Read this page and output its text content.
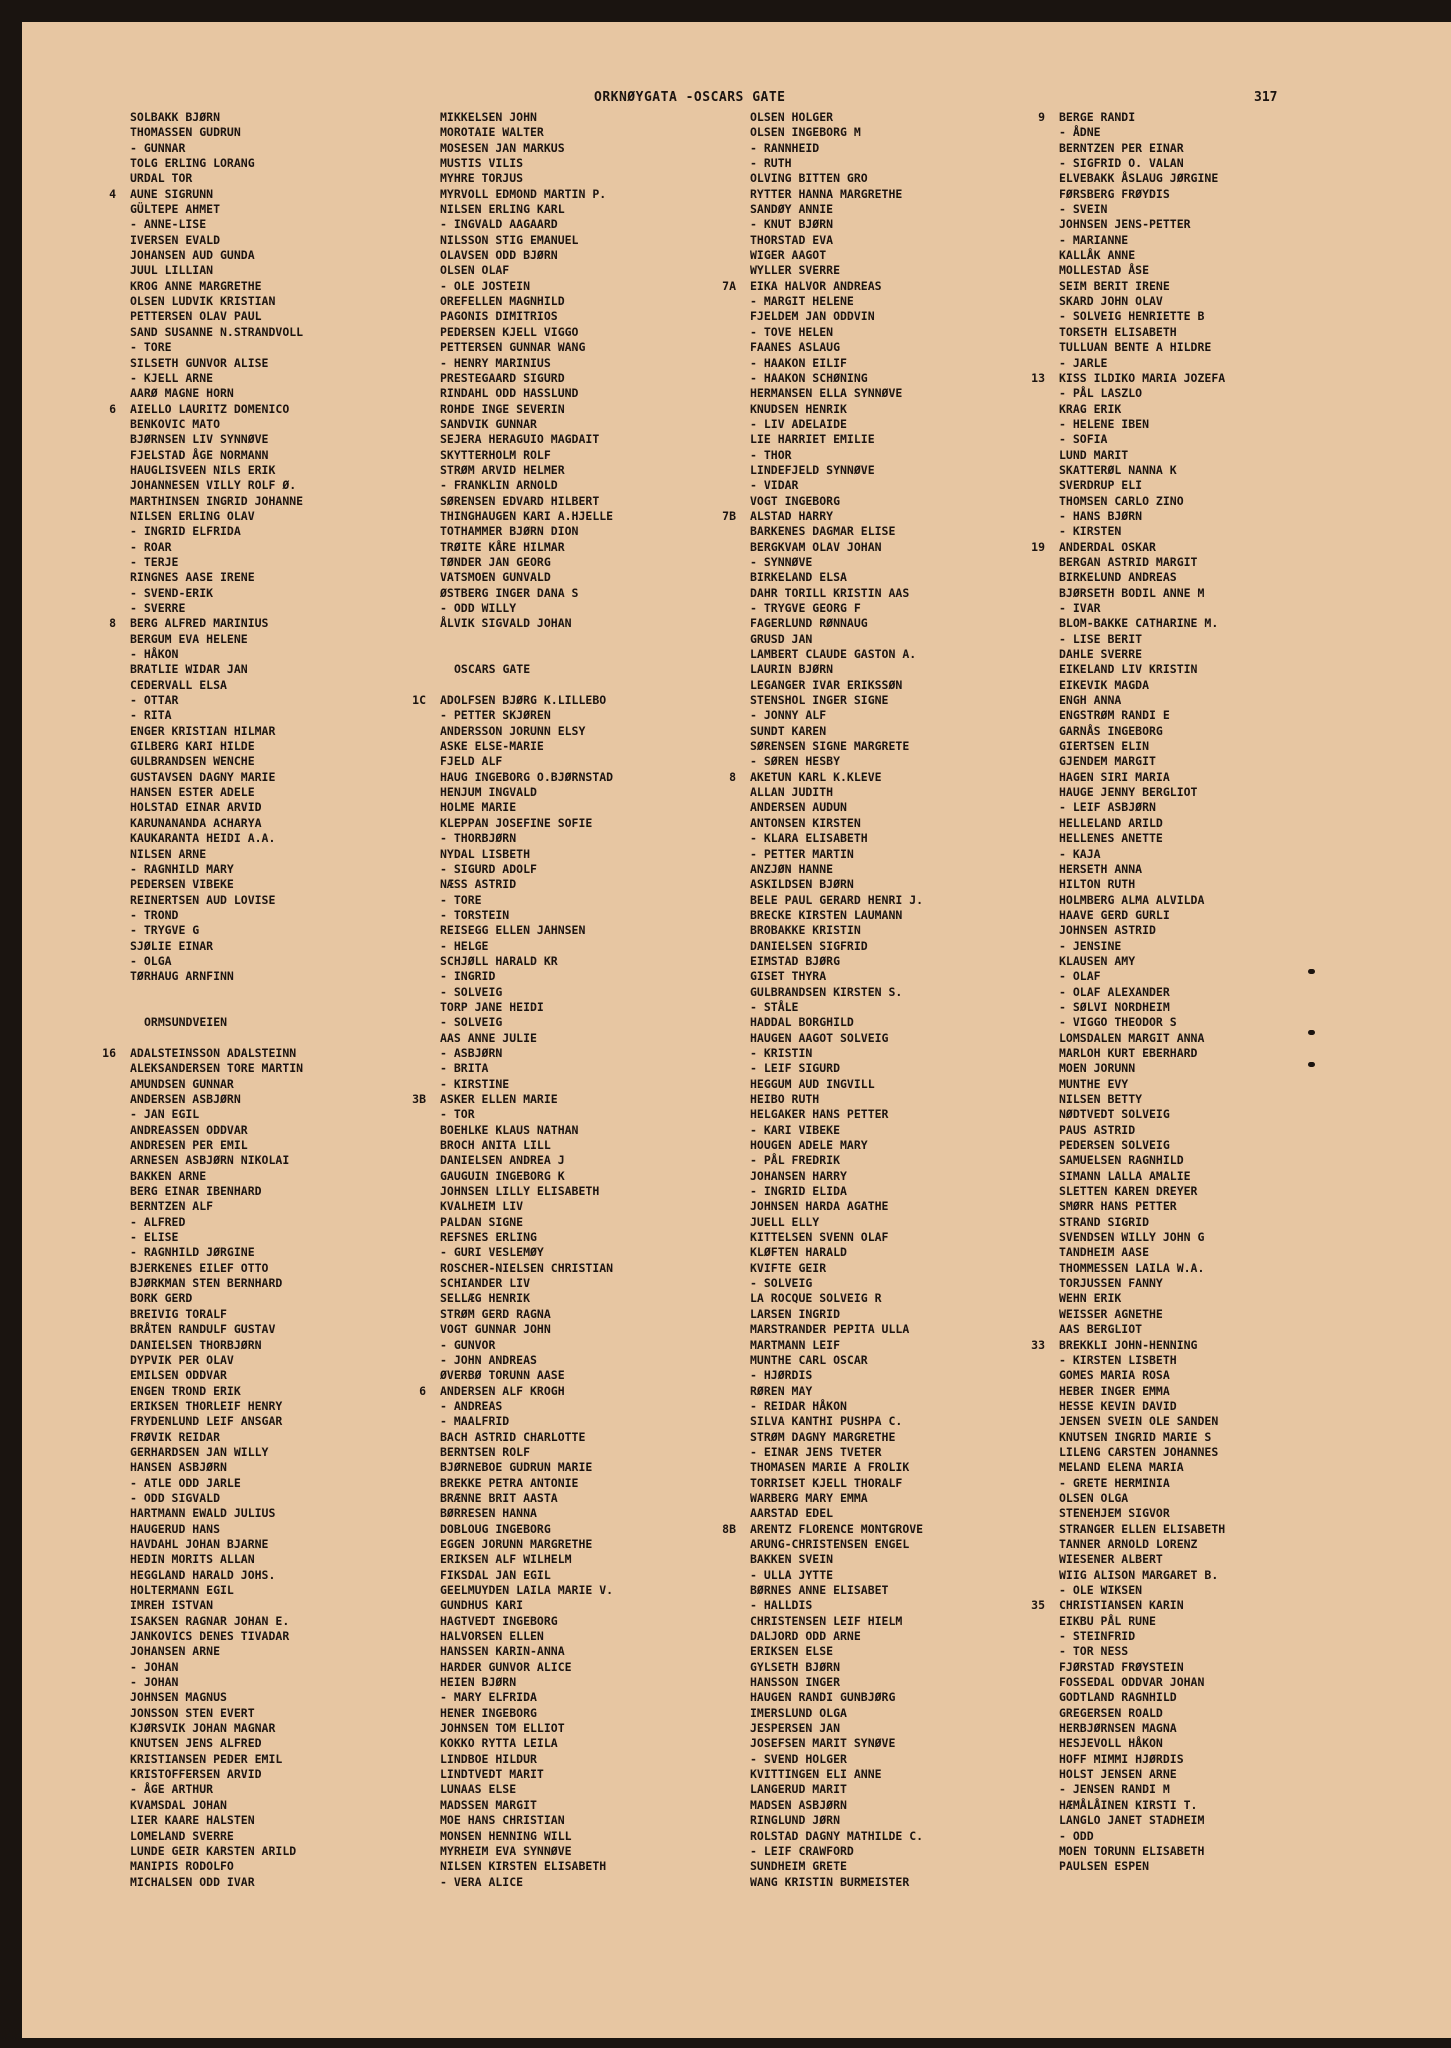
ORKNØYGATA -OSCARS GATE	317
SOLBAKK BJØRN
THOMASSEN GUDRUN
- GUNNAR
TOLG ERLING LORANG
URDAL TOR
4 AUNE SIGRUNN
GÜLTEPE AHMET
- ANNE-LISE
IVERSEN EVALD
JOHANSEN AUD GUNDA
JUUL LILLIAN
KROG ANNE MARGRETHE
OLSEN LUDVIK KRISTIAN
PETTERSEN OLAV PAUL
SAND SUSANNE N.STRANDVOLL
- TORE
SILSETH GUNVOR ALISE
- KJELL ARNE
AARØ MAGNE HORN
6 AIELLO LAURITZ DOMENICO
BENKOVIC MATO
BJØRNSEN LIV SYNNØVE
FJELSTAD ÅGE NORMANN
HAUGLISVEEN NILS ERIK
JOHANNESEN VILLY ROLF Ø.
MARTHINSEN INGRID JOHANNE
NILSEN ERLING OLAV
- INGRID ELFRIDA
- ROAR
- TERJE
RINGNES AASE IRENE
- SVEND-ERIK
- SVERRE
8 BERG ALFRED MARINIUS
BERGUM EVA HELENE
- HÅKON
BRATLIE WIDAR JAN
CEDERVALL ELSA
- OTTAR
- RITA
ENGER KRISTIAN HILMAR
GILBERG KARI HILDE
GULBRANDSEN WENCHE
GUSTAVSEN DAGNY MARIE
HANSEN ESTER ADELE
HOLSTAD EINAR ARVID
KARUNANANDA ACHARYA
KAUKARANTA HEIDI A.A.
NILSEN ARNE
- RAGNHILD MARY
PEDERSEN VIBEKE
REINERTSEN AUD LOVISE
- TROND
- TRYGVE G
SJØLIE EINAR
- OLGA
TØRHAUG ARNFINN
ORMSUNDVEIEN
16 ADALSTEINSSON ADALSTEINN
ALEKSANDERSEN TORE MARTIN
AMUNDSEN GUNNAR
ANDERSEN ASBJØRN
- JAN EGIL
ANDREASSEN ODDVAR
ANDRESEN PER EMIL
ARNESEN ASBJØRN NIKOLAI
BAKKEN ARNE
BERG EINAR IBENHARD
BERNTZEN ALF
- ALFRED
- ELISE
- RAGNHILD JØRGINE
BJERKENES EILEF OTTO
BJØRKMAN STEN BERNHARD
BORK GERD
BREIVIG TORALF
BRÅTEN RANDULF GUSTAV
DANIELSEN THORBJØRN
DYPVIK PER OLAV
EMILSEN ODDVAR
ENGEN TROND ERIK
ERIKSEN THORLEIF HENRY
FRYDENLUND LEIF ANSGAR
FRØVIK REIDAR
GERHARDSEN JAN WILLY
HANSEN ASBJØRN
- ATLE ODD JARLE
- ODD SIGVALD
HARTMANN EWALD JULIUS
HAUGERUD HANS
HAVDAHL JOHAN BJARNE
HEDIN MORITS ALLAN
HEGGLAND HARALD JOHS.
HOLTERMANN EGIL
IMREH ISTVAN
ISAKSEN RAGNAR JOHAN E.
JANKOVICS DENES TIVADAR
JOHANSEN ARNE
- JOHAN
- JOHAN
JOHNSEN MAGNUS
JONSSON STEN EVERT
KJØRSVIK JOHAN MAGNAR
KNUTSEN JENS ALFRED
KRISTIANSEN PEDER EMIL
KRISTOFFERSEN ARVID
- ÅGE ARTHUR
KVAMSDAL JOHAN
LIER KAARE HALSTEN
LOMELAND SVERRE
LUNDE GEIR KARSTEN ARILD
MANIPIS RODOLFO
MICHALSEN ODD IVAR
MIKKELSEN JOHN
MOROTAIE WALTER
MOSESEN JAN MARKUS
MUSTIS VILIS
MYHRE TORJUS
MYRVOLL EDMOND MARTIN P.
NILSEN ERLING KARL
- INGVALD AAGAARD
NILSSON STIG EMANUEL
OLAVSEN ODD BJØRN
OLSEN OLAF
- OLE JOSTEIN
OREFELLEN MAGNHILD
PAGONIS DIMITRIOS
PEDERSEN KJELL VIGGO
PETTERSEN GUNNAR WANG
- HENRY MARINIUS
PRESTEGAARD SIGURD
RINDAHL ODD HASSLUND
ROHDE INGE SEVERIN
SANDVIK GUNNAR
SEJERA HERAGUIO MAGDAIT
SKYTTERHOLM ROLF
STRØM ARVID HELMER
- FRANKLIN ARNOLD
SØRENSEN EDVARD HILBERT
THINGHAUGEN KARI A.HJELLE
TOTHAMMER BJØRN DION
TRØITE KÅRE HILMAR
TØNDER JAN GEORG
VATSMOEN GUNVALD
ØSTBERG INGER DANA S
- ODD WILLY
ÅLVIK SIGVALD JOHAN
OSCARS GATE
1C ADOLFSEN BJØRG K.LILLEBO
- PETTER SKJØREN
ANDERSSON JORUNN ELSY
ASKE ELSE-MARIE
FJELD ALF
HAUG INGEBORG O.BJØRNSTAD
HENJUM INGVALD
HOLME MARIE
KLEPPAN JOSEFINE SOFIE
- THORBJØRN
NYDAL LISBETH
- SIGURD ADOLF
NÆSS ASTRID
- TORE
- TORSTEIN
REISEGG ELLEN JAHNSEN
- HELGE
SCHJØLL HARALD KR
- INGRID
- SOLVEIG
TORP JANE HEIDI
- SOLVEIG
AAS ANNE JULIE
- ASBJØRN
- BRITA
- KIRSTINE
3B ASKER ELLEN MARIE
- TOR
BOEHLKE KLAUS NATHAN
BROCH ANITA LILL
DANIELSEN ANDREA J
GAUGUIN INGEBORG K
JOHNSEN LILLY ELISABETH
KVALHEIM LIV
PALDAN SIGNE
REFSNES ERLING
- GURI VESLEMØY
ROSCHER-NIELSEN CHRISTIAN
SCHIANDER LIV
SELLÆG HENRIK
STRØM GERD RAGNA
VOGT GUNNAR JOHN
- GUNVOR
- JOHN ANDREAS
ØVERBØ TORUNN AASE
6 ANDERSEN ALF KROGH
- ANDREAS
- MAALFRID
BACH ASTRID CHARLOTTE
BERNTSEN ROLF
BJØRNEBOE GUDRUN MARIE
BREKKE PETRA ANTONIE
BRÆNNE BRIT AASTA
BØRRESEN HANNA
DOBLOUG INGEBORG
EGGEN JORUNN MARGRETHE
ERIKSEN ALF WILHELM
FIKSDAL JAN EGIL
GEELMUYDEN LAILA MARIE V.
GUNDHUS KARI
HAGTVEDT INGEBORG
HALVORSEN ELLEN
HANSSEN KARIN-ANNA
HARDER GUNVOR ALICE
HEIEN BJØRN
- MARY ELFRIDA
HENER INGEBORG
JOHNSEN TOM ELLIOT
KOKKO RYTTA LEILA
LINDBOE HILDUR
LINDTVEDT MARIT
LUNAAS ELSE
MADSSEN MARGIT
MOE HANS CHRISTIAN
MONSEN HENNING WILL
MYRHEIM EVA SYNNØVE
NILSEN KIRSTEN ELISABETH
- VERA ALICE
OLSEN HOLGER
OLSEN INGEBORG M
- RANNHEID
- RUTH
OLVING BITTEN GRO
RYTTER HANNA MARGRETHE
SANDØY ANNIE
- KNUT BJØRN
THORSTAD EVA
WIGER AAGOT
WYLLER SVERRE
7A EIKA HALVOR ANDREAS
- MARGIT HELENE
FJELDEM JAN ODDVIN
- TOVE HELEN
FAANES ASLAUG
- HAAKON EILIF
- HAAKON SCHØNING
HERMANSEN ELLA SYNNØVE
KNUDSEN HENRIK
- LIV ADELAIDE
LIE HARRIET EMILIE
- THOR
LINDEFJELD SYNNØVE
- VIDAR
VOGT INGEBORG
7B ALSTAD HARRY
BARKENES DAGMAR ELISE
BERGKVAM OLAV JOHAN
- SYNNØVE
BIRKELAND ELSA
DAHR TORILL KRISTIN AAS
- TRYGVE GEORG F
FAGERLUND RØNNAUG
GRUSD JAN
LAMBERT CLAUDE GASTON A.
LAURIN BJØRN
LEGANGER IVAR ERIKSSØN
STENSHOL INGER SIGNE
- JONNY ALF
SUNDT KAREN
SØRENSEN SIGNE MARGRETE
- SØREN HESBY
8 AKETUN KARL K.KLEVE
ALLAN JUDITH
ANDERSEN AUDUN
ANTONSEN KIRSTEN
- KLARA ELISABETH
- PETTER MARTIN
ANZJØN HANNE
ASKILDSEN BJØRN
BELE PAUL GERARD HENRI J.
BRECKE KIRSTEN LAUMANN
BROBAKKE KRISTIN
DANIELSEN SIGFRID
EIMSTAD BJØRG
GISET THYRA
GULBRANDSEN KIRSTEN S.
- STÅLE
HADDAL BORGHILD
HAUGEN AAGOT SOLVEIG
- KRISTIN
- LEIF SIGURD
HEGGUM AUD INGVILL
HEIBO RUTH
HELGAKER HANS PETTER
- KARI VIBEKE
HOUGEN ADELE MARY
- PÅL FREDRIK
JOHANSEN HARRY
- INGRID ELIDA
JOHNSEN HARDA AGATHE
JUELL ELLY
KITTELSEN SVENN OLAF
KLØFTEN HARALD
KVIFTE GEIR
- SOLVEIG
LA ROCQUE SOLVEIG R
LARSEN INGRID
MARSTRANDER PEPITA ULLA
MARTMANN LEIF
MUNTHE CARL OSCAR
- HJØRDIS
RØREN MAY
- REIDAR HÅKON
SILVA KANTHI PUSHPA C.
STRØM DAGNY MARGRETHE
- EINAR JENS TVETER
THOMASEN MARIE A FROLIK
TORRISET KJELL THORALF
WARBERG MARY EMMA
AARSTAD EDEL
8B ARENTZ FLORENCE MONTGROVE
ARUNG-CHRISTENSEN ENGEL
BAKKEN SVEIN
- ULLA JYTTE
BØRNES ANNE ELISABET
- HALLDIS
CHRISTENSEN LEIF HIELM
DALJORD ODD ARNE
ERIKSEN ELSE
GYLSETH BJØRN
HANSSON INGER
HAUGEN RANDI GUNBJØRG
IMERSLUND OLGA
JESPERSEN JAN
JOSEFSEN MARIT SYNØVE
- SVEND HOLGER
KVITTINGEN ELI ANNE
LANGERUD MARIT
MADSEN ASBJØRN
RINGLUND JØRN
ROLSTAD DAGNY MATHILDE C.
- LEIF CRAWFORD
SUNDHEIM GRETE
WANG KRISTIN BURMEISTER
9 BERGE RANDI
- ÅDNE
BERNTZEN PER EINAR
- SIGFRID O. VALAN
ELVEBAKK ÅSLAUG JØRGINE
FØRSBERG FRØYDIS
- SVEIN
JOHNSEN JENS-PETTER
- MARIANNE
KALLÅK ANNE
MOLLESTAD ÅSE
SEIM BERIT IRENE
SKARD JOHN OLAV
- SOLVEIG HENRIETTE B
TORSETH ELISABETH
TULLUAN BENTE A HILDRE
- JARLE
13 KISS ILDIKO MARIA JOZEFA
- PÅL LASZLO
KRAG ERIK
- HELENE IBEN
- SOFIA
LUND MARIT
SKATTERØL NANNA K
SVERDRUP ELI
THOMSEN CARLO ZINO
- HANS BJØRN
- KIRSTEN
19 ANDERDAL OSKAR
BERGAN ASTRID MARGIT
BIRKELUND ANDREAS
BJØRSETH BODIL ANNE M
- IVAR
BLOM-BAKKE CATHARINE M.
- LISE BERIT
DAHLE SVERRE
EIKELAND LIV KRISTIN
EIKEVIK MAGDA
ENGH ANNA
ENGSTRØM RANDI E
GARNÅS INGEBORG
GIERTSEN ELIN
GJENDEM MARGIT
HAGEN SIRI MARIA
HAUGE JENNY BERGLIOT
- LEIF ASBJØRN
HELLELAND ARILD
HELLENES ANETTE
- KAJA
HERSETH ANNA
HILTON RUTH
HOLMBERG ALMA ALVILDA
HAAVE GERD GURLI
JOHNSEN ASTRID
- JENSINE
KLAUSEN AMY
- OLAF
- OLAF ALEXANDER
- SØLVI NORDHEIM
- VIGGO THEODOR S
LOMSDALEN MARGIT ANNA
MARLOH KURT EBERHARD
MOEN JORUNN
MUNTHE EVY
NILSEN BETTY
NØDTVEDT SOLVEIG
PAUS ASTRID
PEDERSEN SOLVEIG
SAMUELSEN RAGNHILD
SIMANN LALLA AMALIE
SLETTEN KAREN DREYER
SMØRR HANS PETTER
STRAND SIGRID
SVENDSEN WILLY JOHN G
TANDHEIM AASE
THOMMESSEN LAILA W.A.
TORJUSSEN FANNY
WEHN ERIK
WEISSER AGNETHE
AAS BERGLIOT
33 BREKKLI JOHN-HENNING
- KIRSTEN LISBETH
GOMES MARIA ROSA
HEBER INGER EMMA
HESSE KEVIN DAVID
JENSEN SVEIN OLE SANDEN
KNUTSEN INGRID MARIE S
LILENG CARSTEN JOHANNES
MELAND ELENA MARIA
- GRETE HERMINIA
OLSEN OLGA
STENEHJEM SIGVOR
STRANGER ELLEN ELISABETH
TANNER ARNOLD LORENZ
WIESENER ALBERT
WIIG ALISON MARGARET B.
- OLE WIKSEN
35 CHRISTIANSEN KARIN
EIKBU PÅL RUNE
- STEINFRID
- TOR NESS
FJØRSTAD FRØYSTEIN
FOSSEDAL ODDVAR JOHAN
GODTLAND RAGNHILD
GREGERSEN ROALD
HERBJØRNSEN MAGNA
HESJEVOLL HÅKON
HOFF MIMMI HJØRDIS
HOLST JENSEN ARNE
- JENSEN RANDI M
HÆMÅLÅINEN KIRSTI T.
LANGLO JANET STADHEIM
- ODD
MOEN TORUNN ELISABETH
PAULSEN ESPEN
